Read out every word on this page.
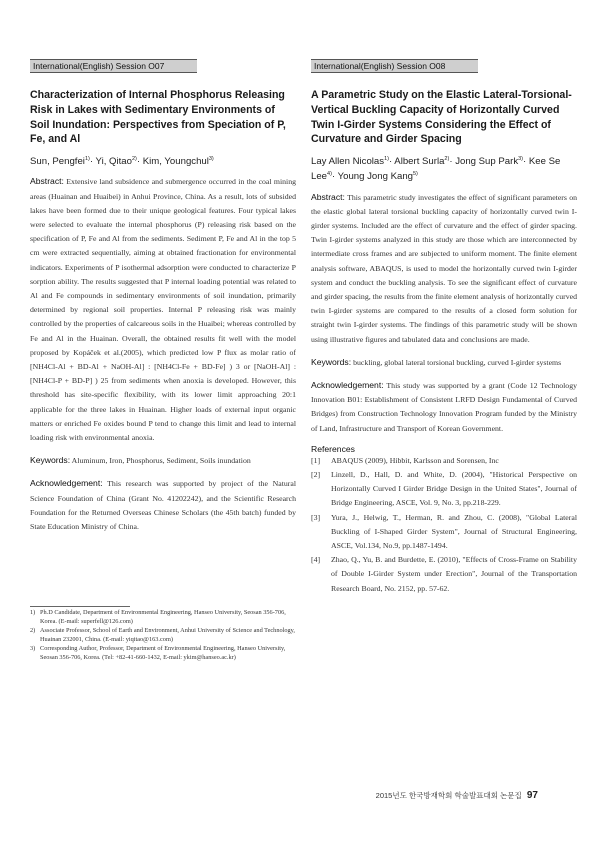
International(English) Session O07
Characterization of Internal Phosphorus Releasing Risk in Lakes with Sedimentary Environments of Soil Inundation: Perspectives from Speciation of P, Fe, and Al
Sun, Pengfei$^{1)}$· Yi, Qitao$^{2)}$· Kim, Youngchul$^{3)}$
Abstract: Extensive land subsidence and submergence occurred in the coal mining areas (Huainan and Huaibei) in Anhui Province, China. As a result, lots of subsided lakes have been formed due to their unique geological features. Four typical lakes were selected to evaluate the internal phosphorus (P) releasing risk based on the specification of P, Fe and Al from the sediments. Sediment P, Fe and Al in the top 5 cm were extracted sequentially, aiming at obtained fractionation for environmental indicators. Experiments of P isothermal adsorption were conducted to characterize P sorption ability. The results suggested that P internal loading potential was related to Al and Fe compounds in sedimentary environments of soil inundation, primarily determined by regional soil properties. Internal P releasing risk was mainly controlled by the properties of calcareous soils in the Huaibei; whereas controlled by Fe and Al in the Huainan. Overall, the obtained results fit well with the model proposed by Kopáček et al.(2005), which predicted low P flux as molar ratio of [NH4Cl-Al + BD-Al + NaOH-Al] : [NH4Cl-Fe + BD-Fe] ) 3 or [NaOH-Al] : [NH4Cl-P + BD-P] ) 25 from sediments when anoxia is developed. However, this threshold has site-specific flexibility, with its lower limit approaching 20:1 applicable for the three lakes in Huainan. Higher loads of external input organic matters or enriched Fe oxides bound P tend to change this limit and lead to internal loading risk with environmental anoxia.
Keywords: Aluminum, Iron, Phosphorus, Sediment, Soils inundation
Acknowledgement: This research was supported by project of the Natural Science Foundation of China (Grant No. 41202242), and the Scientific Research Foundation for the Returned Overseas Chinese Scholars (the 45th batch) funded by State Education Ministry of China.
1) Ph.D Candidate, Department of Environmental Engineering, Hanseo University, Seosan 356-706, Korea. (E-mail: superfell@126.com)
2) Associate Professor, School of Earth and Environment, Anhui University of Science and Technology, Huainan 232001, China. (E-mail: yiqitao@163.com)
3) Corresponding Author, Professor, Department of Environmental Engineering, Hanseo University, Seosan 356-706, Korea. (Tel: +82-41-660-1432, E-mail: ykim@hanseo.ac.kr)
International(English) Session O08
A Parametric Study on the Elastic Lateral-Torsional-Vertical Buckling Capacity of Horizontally Curved Twin I-Girder Systems Considering the Effect of Curvature and Girder Spacing
Lay Allen Nicolas$^{1)}$· Albert Surla$^{2)}$· Jong Sup Park$^{3)}$· Kee Se Lee$^{4)}$· Young Jong Kang$^{5)}$
Abstract: This parametric study investigates the effect of significant parameters on the elastic global lateral torsional buckling capacity of horizontally curved twin I-girder systems. Included are the effect of curvature and the effect of girder spacing. Twin I-girder systems analyzed in this study are those which are interconnected by intermediate cross frames and are subjected to uniform moment. The finite element analysis software, ABAQUS, is used to model the horizontally curved twin I-girder system and conduct the buckling analysis. To see the significant effect of curvature and girder spacing, the results from the finite element analysis of horizontally curved twin I-girder systems are compared to the results of a closed form solution for straight twin I-girder systems. The findings of this parametric study will be shown using illustrative figures and tabulated data and conclusions are made.
Keywords: buckling, global lateral torsional buckling, curved I-girder systems
Acknowledgement: This study was supported by a grant (Code 12 Technology Innovation B01: Establishment of Consistent LRFD Design Fundamental of Curved Bridges) from Construction Technology Innovation Program funded by the Ministry of Land, Infrastructure and Transport of Korean Government.
References
[1] ABAQUS (2009), Hibbit, Karlsson and Sorensen, Inc
[2] Linzell, D., Hall, D. and White, D. (2004), "Historical Perspective on Horizontally Curved I Girder Bridge Design in the United States", Journal of Bridge Engineering, ASCE, Vol. 9, No. 3, pp.218-229.
[3] Yura, J., Helwig, T., Herman, R. and Zhou, C. (2008), "Global Lateral Buckling of I-Shaped Girder System", Journal of Structural Engineering, ASCE, Vol.134, No.9, pp.1487-1494.
[4] Zhao, Q., Yu, B. and Burdette, E. (2010), "Effects of Cross-Frame on Stability of Double I-Girder System under Erection", Journal of the Transportation Research Board, No. 2152, pp. 57-62.
2015년도 한국방재학회 학술발표대회 논문집 97
